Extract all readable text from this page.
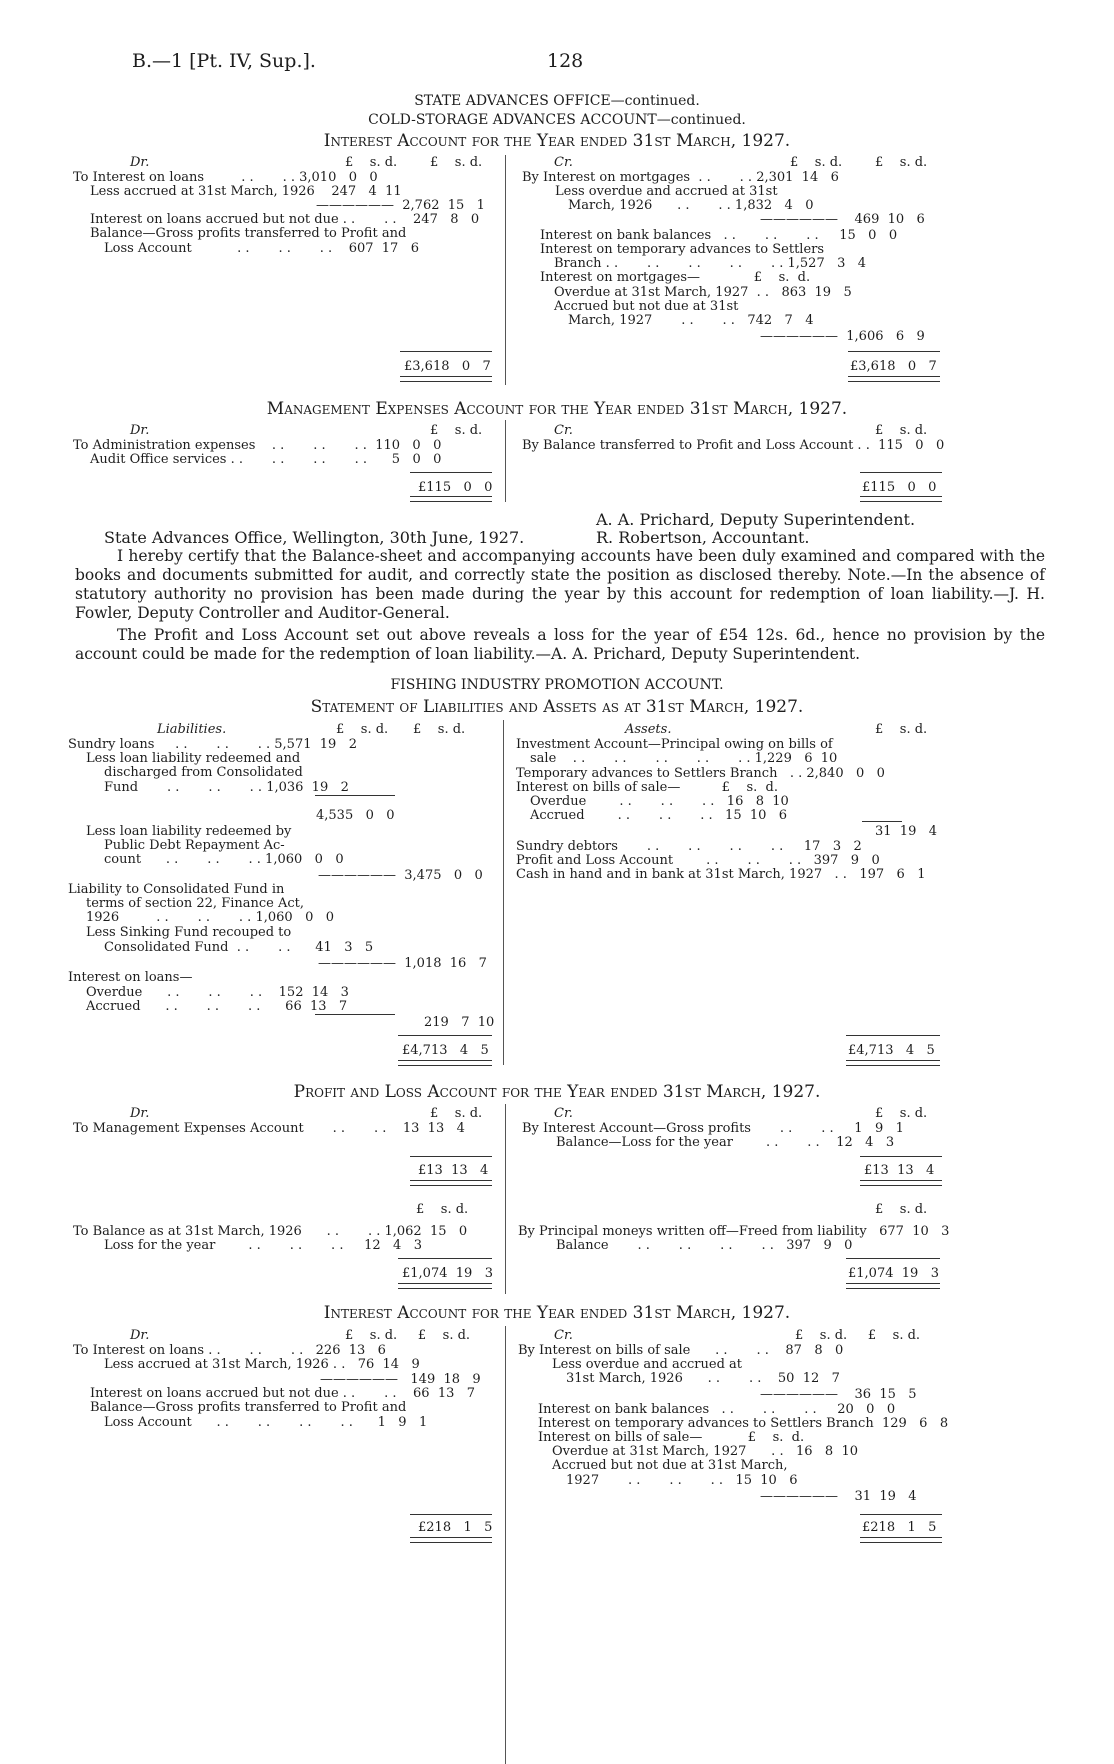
B.—1 [Pt. IV, Sup.].	128
STATE ADVANCES OFFICE—continued.
COLD-STORAGE ADVANCES ACCOUNT—continued.
Interest Account for the Year ended 31st March, 1927.
Dr.	£    s. d.	£    s. d.
To Interest on loans         . .       . . 3,010   0   0
Less accrued at 31st March, 1926    247   4  11
——————  2,762  15   1
Interest on loans accrued but not due . .       . .    247   8   0
Balance—Gross profits transferred to Profit and
Loss Account           . .       . .       . .    607  17   6
£3,618   0   7
Cr.	£    s. d.	£    s. d.
By Interest on mortgages  . .       . . 2,301  14   6
Less overdue and accrued at 31st
March, 1926      . .       . . 1,832   4   0
——————    469  10   6
Interest on bank balances   . .       . .       . .     15   0   0
Interest on temporary advances to Settlers
Branch . .       . .       . .       . .       . . 1,527   3   4
Interest on mortgages—             £    s.  d.
Overdue at 31st March, 1927  . .   863  19   5
Accrued but not due at 31st
March, 1927       . .       . .   742   7   4
——————  1,606   6   9
£3,618   0   7
Management Expenses Account for the Year ended 31st March, 1927.
Dr.	£    s. d.
To Administration expenses    . .       . .       . .  110   0   0
Audit Office services . .       . .       . .       . .      5   0   0
£115   0   0
Cr.	£    s. d.
By Balance transferred to Profit and Loss Account . .  115   0   0
£115   0   0
A. A. Prichard, Deputy Superintendent.
State Advances Office, Wellington, 30th June, 1927.	R. Robertson, Accountant.
I hereby certify that the Balance-sheet and accompanying accounts have been duly examined and compared with the books and documents submitted for audit, and correctly state the position as disclosed thereby. Note.—In the absence of statutory authority no provision has been made during the year by this account for redemption of loan liability.—J. H. Fowler, Deputy Controller and Auditor-General.
The Profit and Loss Account set out above reveals a loss for the year of £54 12s. 6d., hence no provision by the account could be made for the redemption of loan liability.—A. A. Prichard, Deputy Superintendent.
FISHING INDUSTRY PROMOTION ACCOUNT.
Statement of Liabilities and Assets as at 31st March, 1927.
Liabilities.	£    s. d.      £    s. d.	Assets.	£    s. d.
Sundry loans     . .       . .       . . 5,571  19   2
Less loan liability redeemed and
discharged from Consolidated
Fund       . .       . .       . . 1,036  19   2
4,535   0   0
Less loan liability redeemed by
Public Debt Repayment Ac-
count      . .       . .       . . 1,060   0   0
——————  3,475   0   0
Liability to Consolidated Fund in
terms of section 22, Finance Act,
1926         . .       . .       . . 1,060   0   0
Less Sinking Fund recouped to
Consolidated Fund  . .       . .      41   3   5
——————  1,018  16   7
Interest on loans—
Overdue      . .       . .       . .    152  14   3
Accrued      . .       . .       . .      66  13   7
219   7  10
£4,713   4   5
Investment Account—Principal owing on bills of
sale    . .       . .       . .       . .       . . 1,229   6  10
Temporary advances to Settlers Branch   . . 2,840   0   0
Interest on bills of sale—          £    s.  d.
Overdue        . .       . .       . .   16   8  10
Accrued        . .       . .       . .   15  10   6
31  19   4
Sundry debtors       . .       . .       . .       . .     17   3   2
Profit and Loss Account        . .       . .       . .   397   9   0
Cash in hand and in bank at 31st March, 1927   . .   197   6   1
£4,713   4   5
Profit and Loss Account for the Year ended 31st March, 1927.
Dr.	£    s. d.
To Management Expenses Account       . .       . .    13  13   4
£13  13   4
Cr.	£    s. d.
By Interest Account—Gross profits       . .       . .     1   9   1
Balance—Loss for the year        . .       . .    12   4   3
£13  13   4
£    s. d.	£    s. d.
To Balance as at 31st March, 1926      . .       . . 1,062  15   0
Loss for the year        . .       . .       . .     12   4   3
£1,074  19   3
By Principal moneys written off—Freed from liability   677  10   3
Balance       . .       . .       . .       . .   397   9   0
£1,074  19   3
Interest Account for the Year ended 31st March, 1927.
Dr.	£    s. d.     £    s. d.
To Interest on loans . .       . .       . .   226  13   6
Less accrued at 31st March, 1926 . .   76  14   9
——————   149  18   9
Interest on loans accrued but not due . .       . .    66  13   7
Balance—Gross profits transferred to Profit and
Loss Account      . .       . .       . .       . .      1   9   1
£218   1   5
Cr.	£    s. d.     £    s. d.
By Interest on bills of sale      . .       . .    87   8   0
Less overdue and accrued at
31st March, 1926      . .       . .    50  12   7
——————    36  15   5
Interest on bank balances   . .       . .       . .     20   0   0
Interest on temporary advances to Settlers Branch  129   6   8
Interest on bills of sale—           £    s.  d.
Overdue at 31st March, 1927      . .   16   8  10
Accrued but not due at 31st March,
1927       . .       . .       . .   15  10   6
——————    31  19   4
£218   1   5
